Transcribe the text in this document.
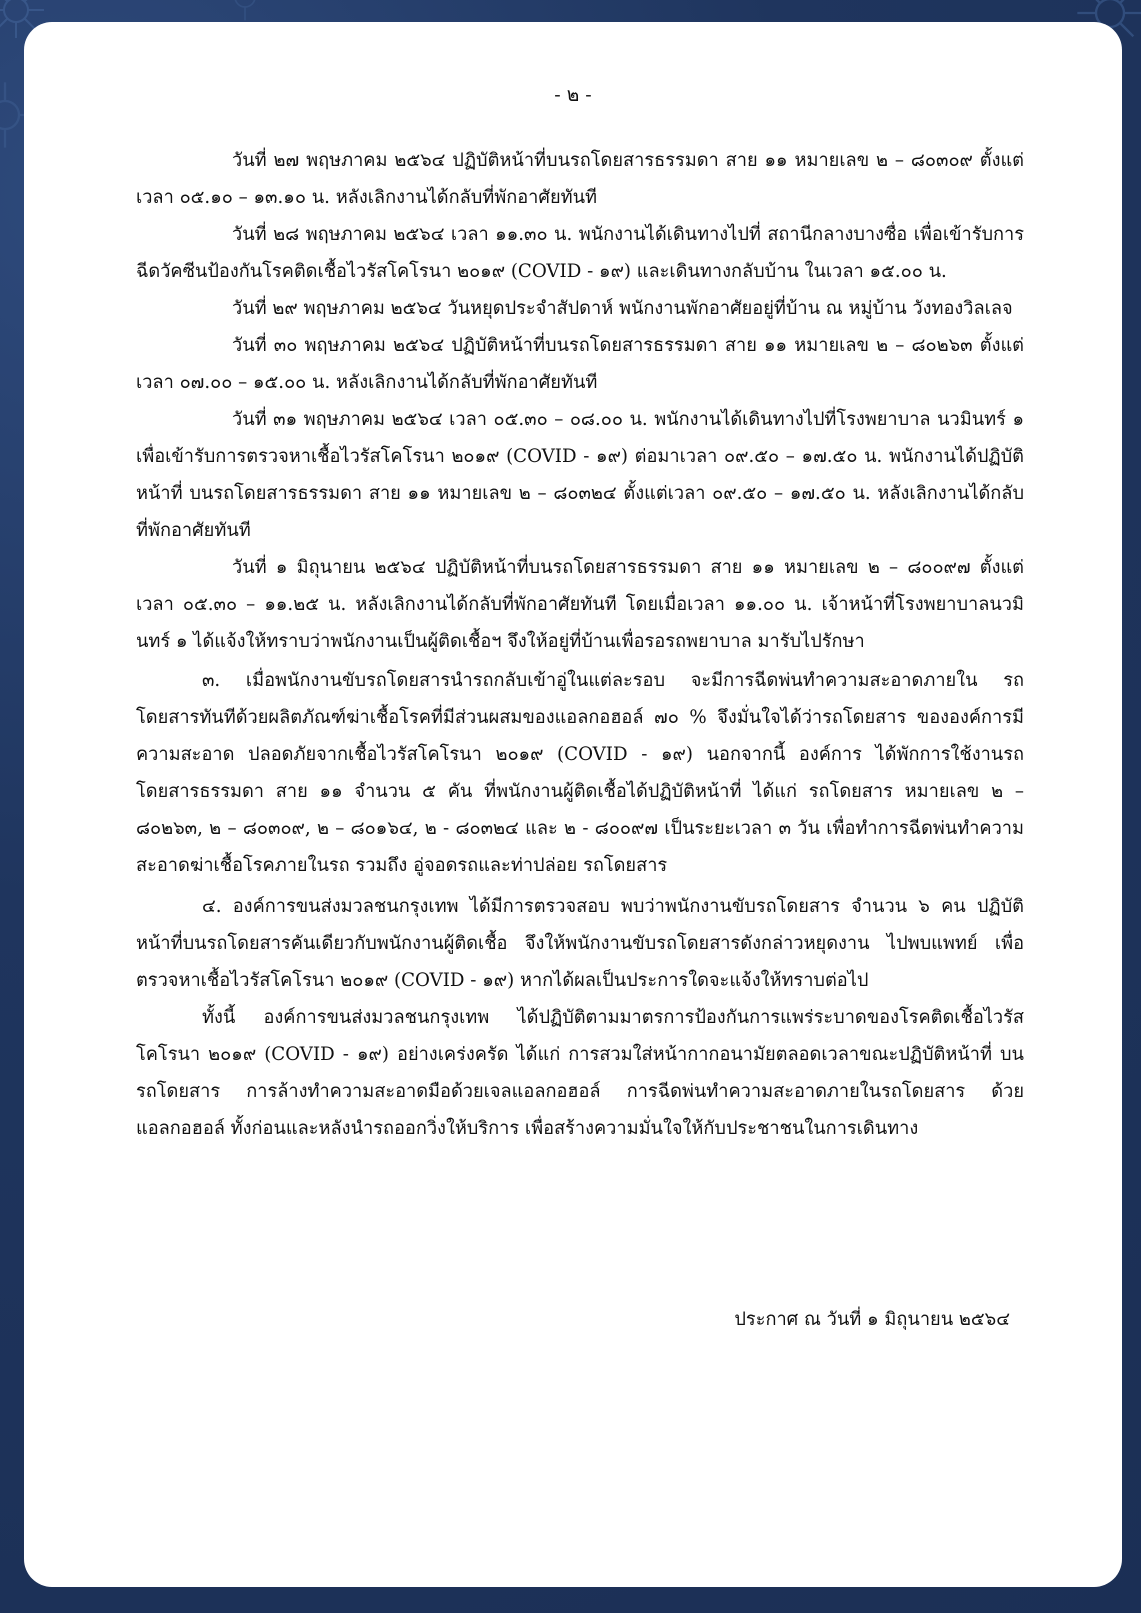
- ๒ -

วันที่ ๒๗ พฤษภาคม ๒๕๖๔ ปฏิบัติหน้าที่บนรถโดยสารธรรมดา สาย ๑๑ หมายเลข ๒ – ๘๐๓๐๙ ตั้งแต่เวลา ๐๕.๑๐ – ๑๓.๑๐ น. หลังเลิกงานได้กลับที่พักอาศัยทันที

วันที่ ๒๘ พฤษภาคม ๒๕๖๔ เวลา ๑๑.๓๐ น. พนักงานได้เดินทางไปที่ สถานีกลางบางซื่อ เพื่อเข้ารับการฉีดวัคซีนป้องกันโรคติดเชื้อไวรัสโคโรนา ๒๐๑๙ (COVID - ๑๙) และเดินทางกลับบ้าน ในเวลา ๑๕.๐๐ น.

วันที่ ๒๙ พฤษภาคม ๒๕๖๔ วันหยุดประจำสัปดาห์ พนักงานพักอาศัยอยู่ที่บ้าน ณ หมู่บ้าน วังทองวิลเลจ

วันที่ ๓๐ พฤษภาคม ๒๕๖๔ ปฏิบัติหน้าที่บนรถโดยสารธรรมดา สาย ๑๑ หมายเลข ๒ – ๘๐๒๖๓ ตั้งแต่เวลา ๐๗.๐๐ – ๑๕.๐๐ น. หลังเลิกงานได้กลับที่พักอาศัยทันที

วันที่ ๓๑ พฤษภาคม ๒๕๖๔ เวลา ๐๕.๓๐ – ๐๘.๐๐ น. พนักงานได้เดินทางไปที่โรงพยาบาล นวมินทร์ ๑ เพื่อเข้ารับการตรวจหาเชื้อไวรัสโคโรนา ๒๐๑๙ (COVID - ๑๙) ต่อมาเวลา ๐๙.๕๐ – ๑๗.๕๐ น. พนักงานได้ปฏิบัติหน้าที่ บนรถโดยสารธรรมดา สาย ๑๑ หมายเลข ๒ – ๘๐๓๒๔ ตั้งแต่เวลา ๐๙.๕๐ – ๑๗.๕๐ น. หลังเลิกงานได้กลับที่พักอาศัยทันที

วันที่ ๑ มิถุนายน ๒๕๖๔ ปฏิบัติหน้าที่บนรถโดยสารธรรมดา สาย ๑๑ หมายเลข ๒ – ๘๐๐๙๗ ตั้งแต่เวลา ๐๕.๓๐ – ๑๑.๒๕ น. หลังเลิกงานได้กลับที่พักอาศัยทันที โดยเมื่อเวลา ๑๑.๐๐ น. เจ้าหน้าที่โรงพยาบาลนวมินทร์ ๑ ได้แจ้งให้ทราบว่าพนักงานเป็นผู้ติดเชื้อฯ จึงให้อยู่ที่บ้านเพื่อรอรถพยาบาล มารับไปรักษา

๓. เมื่อพนักงานขับรถโดยสารนำรถกลับเข้าอู่ในแต่ละรอบ จะมีการฉีดพ่นทำความสะอาดภายใน รถโดยสารทันทีด้วยผลิตภัณฑ์ฆ่าเชื้อโรคที่มีส่วนผสมของแอลกอฮอล์ ๗๐ % จึงมั่นใจได้ว่ารถโดยสาร ขององค์การมีความสะอาด ปลอดภัยจากเชื้อไวรัสโคโรนา ๒๐๑๙ (COVID - ๑๙) นอกจากนี้ องค์การ ได้พักการใช้งานรถโดยสารธรรมดา สาย ๑๑ จำนวน ๕ คัน ที่พนักงานผู้ติดเชื้อได้ปฏิบัติหน้าที่ ได้แก่ รถโดยสาร หมายเลข ๒ – ๘๐๒๖๓, ๒ – ๘๐๓๐๙, ๒ – ๘๐๑๖๔, ๒ - ๘๐๓๒๔ และ ๒ - ๘๐๐๙๗ เป็นระยะเวลา ๓ วัน เพื่อทำการฉีดพ่นทำความสะอาดฆ่าเชื้อโรคภายในรถ รวมถึง อู่จอดรถและท่าปล่อย รถโดยสาร

๔. องค์การขนส่งมวลชนกรุงเทพ ได้มีการตรวจสอบ พบว่าพนักงานขับรถโดยสาร จำนวน ๖ คน ปฏิบัติหน้าที่บนรถโดยสารคันเดียวกับพนักงานผู้ติดเชื้อ จึงให้พนักงานขับรถโดยสารดังกล่าวหยุดงาน ไปพบแพทย์ เพื่อตรวจหาเชื้อไวรัสโคโรนา ๒๐๑๙ (COVID - ๑๙) หากได้ผลเป็นประการใดจะแจ้งให้ทราบต่อไป

ทั้งนี้ องค์การขนส่งมวลชนกรุงเทพ ได้ปฏิบัติตามมาตรการป้องกันการแพร่ระบาดของโรคติดเชื้อไวรัส โคโรนา ๒๐๑๙ (COVID - ๑๙) อย่างเคร่งครัด ได้แก่ การสวมใส่หน้ากากอนามัยตลอดเวลาขณะปฏิบัติหน้าที่ บนรถโดยสาร การล้างทำความสะอาดมือด้วยเจลแอลกอฮอล์ การฉีดพ่นทำความสะอาดภายในรถโดยสาร ด้วยแอลกอฮอล์ ทั้งก่อนและหลังนำรถออกวิ่งให้บริการ เพื่อสร้างความมั่นใจให้กับประชาชนในการเดินทาง

ประกาศ ณ วันที่ ๑ มิถุนายน ๒๕๖๔
